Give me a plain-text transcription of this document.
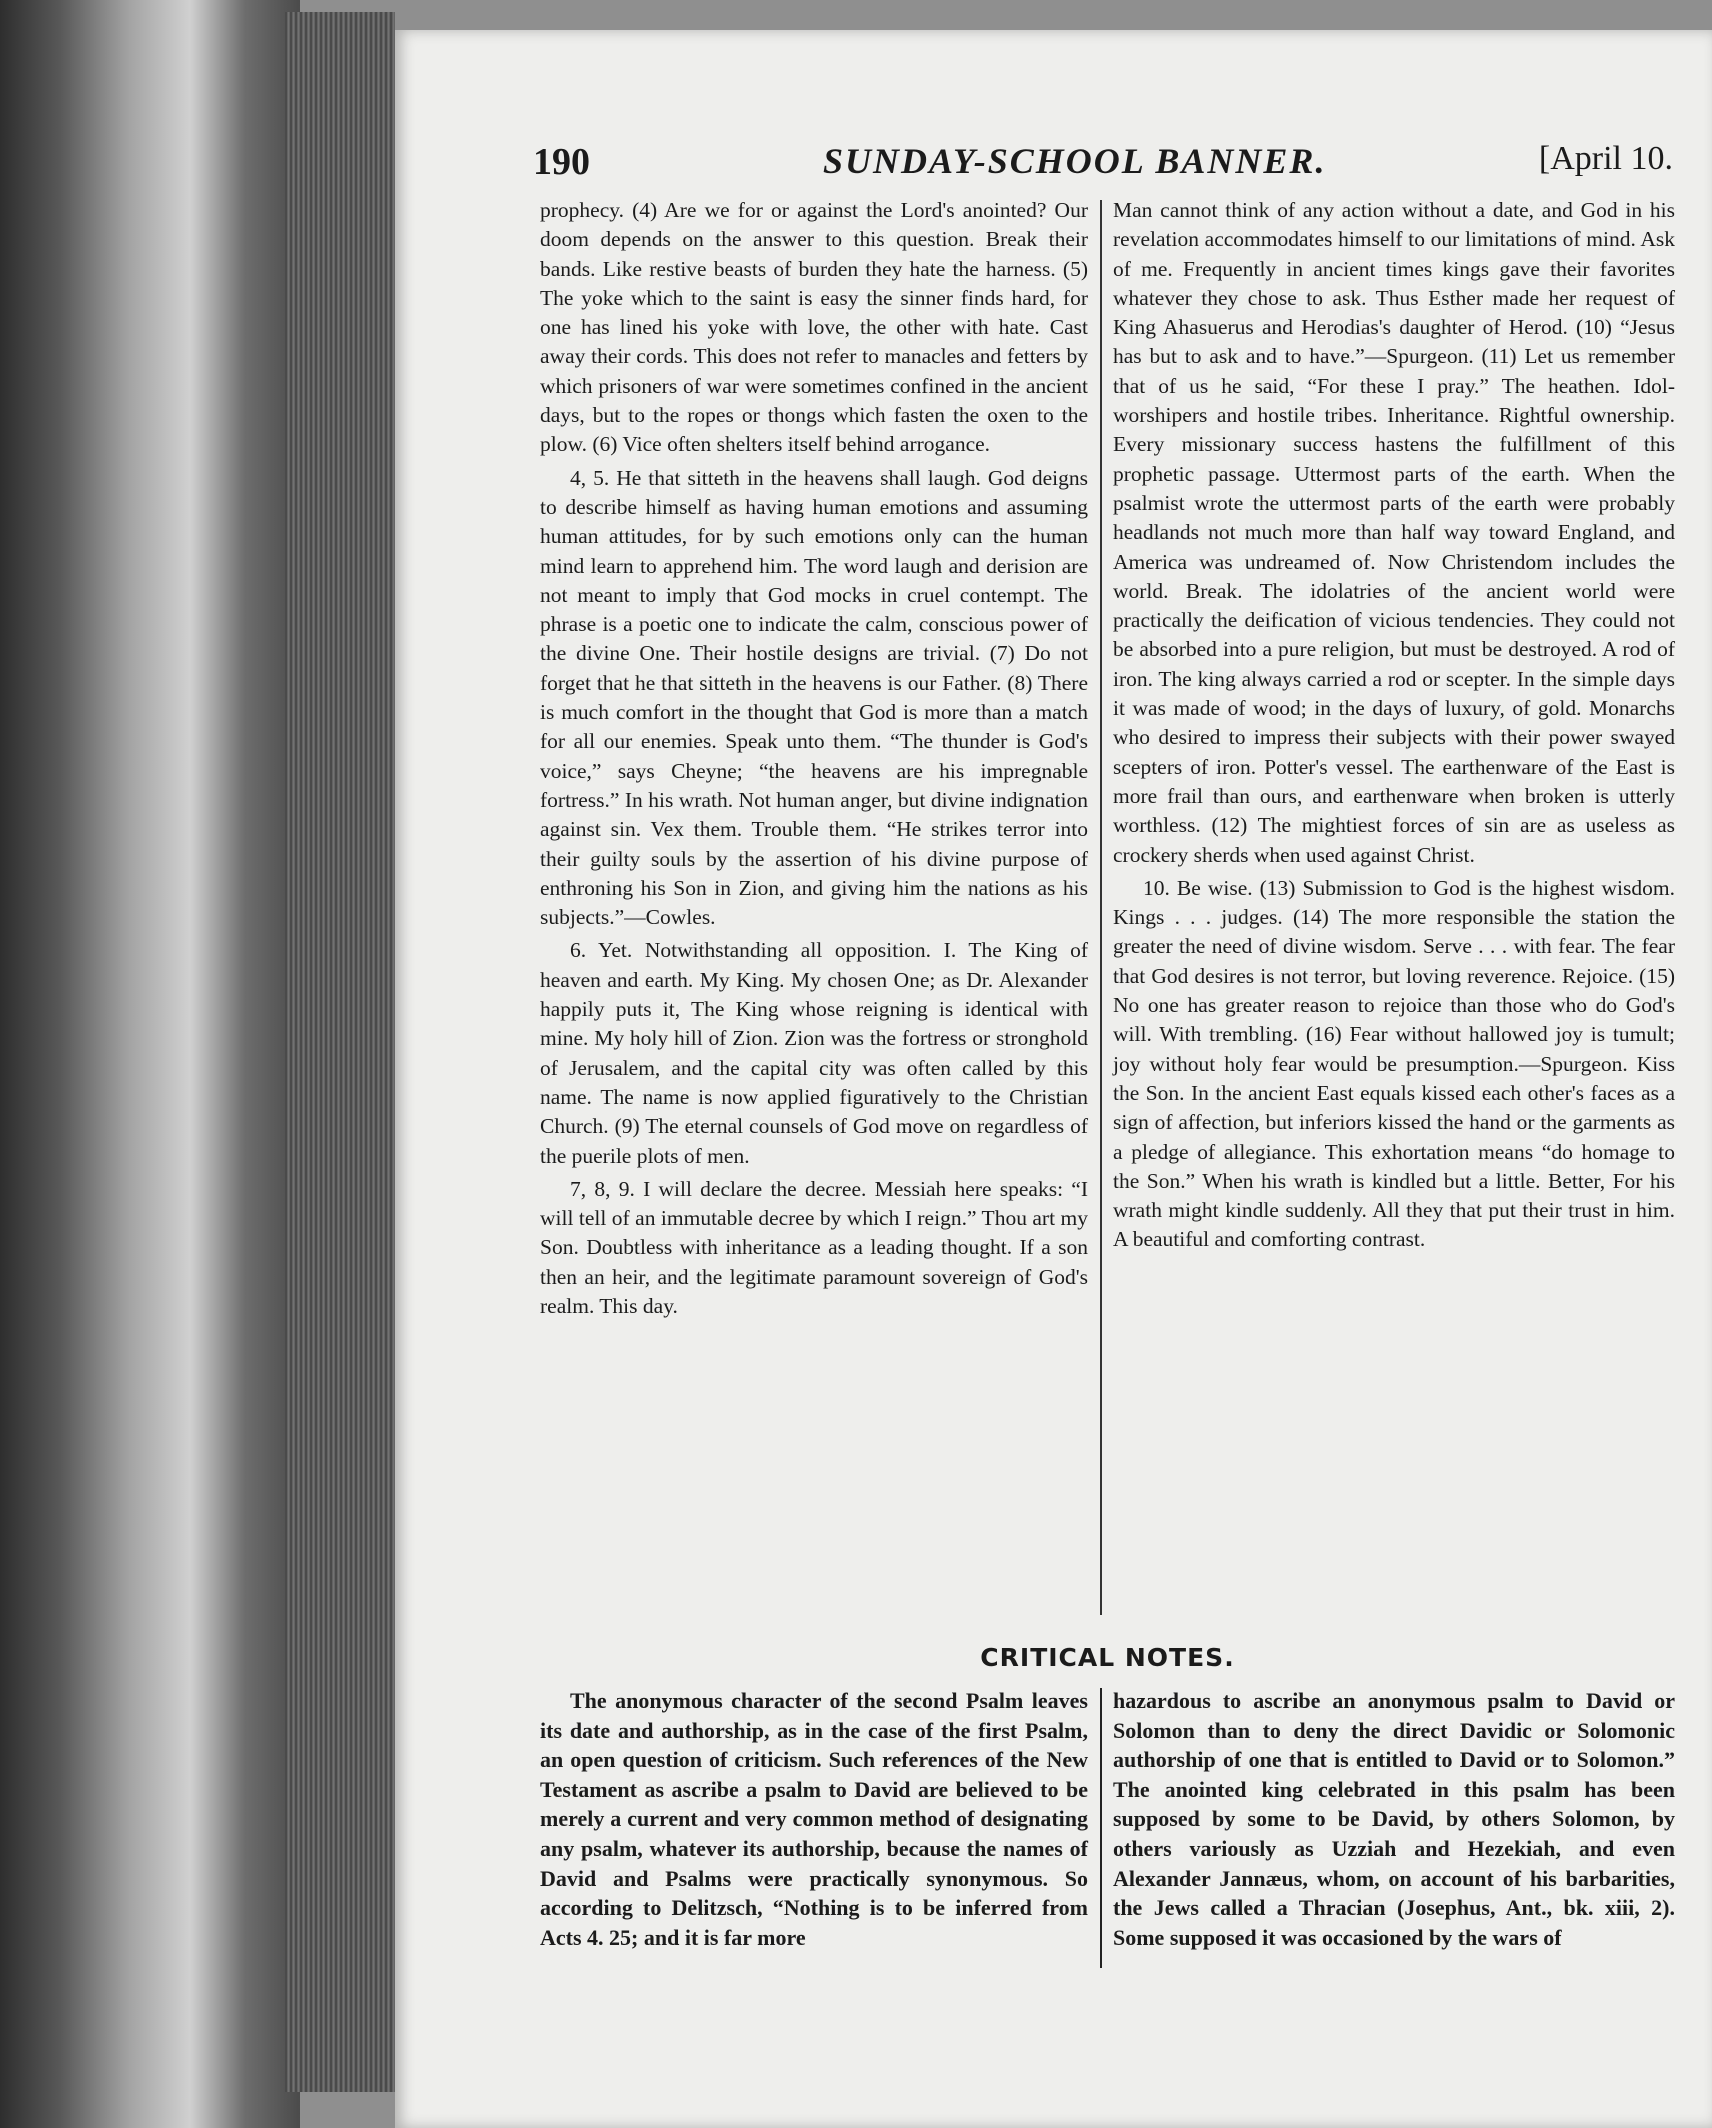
190	SUNDAY-SCHOOL BANNER.	[April 10.

prophecy. (4) Are we for or against the Lord's anointed? Our doom depends on the answer to this question. Break their bands. Like restive beasts of burden they hate the harness. (5) The yoke which to the saint is easy the sinner finds hard, for one has lined his yoke with love, the other with hate. Cast away their cords. This does not refer to manacles and fetters by which prisoners of war were sometimes confined in the ancient days, but to the ropes or thongs which fasten the oxen to the plow. (6) Vice often shelters itself behind arrogance.

4, 5. He that sitteth in the heavens shall laugh. God deigns to describe himself as having human emotions and assuming human attitudes, for by such emotions only can the human mind learn to apprehend him. The word laugh and derision are not meant to imply that God mocks in cruel contempt. The phrase is a poetic one to indicate the calm, conscious power of the divine One. Their hostile designs are trivial. (7) Do not forget that he that sitteth in the heavens is our Father. (8) There is much comfort in the thought that God is more than a match for all our enemies. Speak unto them. “The thunder is God's voice,” says Cheyne; “the heavens are his impregnable fortress.” In his wrath. Not human anger, but divine indignation against sin. Vex them. Trouble them. “He strikes terror into their guilty souls by the assertion of his divine purpose of enthroning his Son in Zion, and giving him the nations as his subjects.”—Cowles.

6. Yet. Notwithstanding all opposition. I. The King of heaven and earth. My King. My chosen One; as Dr. Alexander happily puts it, The King whose reigning is identical with mine. My holy hill of Zion. Zion was the fortress or stronghold of Jerusalem, and the capital city was often called by this name. The name is now applied figuratively to the Christian Church. (9) The eternal counsels of God move on regardless of the puerile plots of men.

7, 8, 9. I will declare the decree. Messiah here speaks: “I will tell of an immutable decree by which I reign.” Thou art my Son. Doubtless with inheritance as a leading thought. If a son then an heir, and the legitimate paramount sovereign of God's realm. This day.

Man cannot think of any action without a date, and God in his revelation accommodates himself to our limitations of mind. Ask of me. Frequently in ancient times kings gave their favorites whatever they chose to ask. Thus Esther made her request of King Ahasuerus and Herodias's daughter of Herod. (10) “Jesus has but to ask and to have.”—Spurgeon. (11) Let us remember that of us he said, “For these I pray.” The heathen. Idol-worshipers and hostile tribes. Inheritance. Rightful ownership. Every missionary success hastens the fulfillment of this prophetic passage. Uttermost parts of the earth. When the psalmist wrote the uttermost parts of the earth were probably headlands not much more than half way toward England, and America was undreamed of. Now Christendom includes the world. Break. The idolatries of the ancient world were practically the deification of vicious tendencies. They could not be absorbed into a pure religion, but must be destroyed. A rod of iron. The king always carried a rod or scepter. In the simple days it was made of wood; in the days of luxury, of gold. Monarchs who desired to impress their subjects with their power swayed scepters of iron. Potter's vessel. The earthenware of the East is more frail than ours, and earthenware when broken is utterly worthless. (12) The mightiest forces of sin are as useless as crockery sherds when used against Christ.

10. Be wise. (13) Submission to God is the highest wisdom. Kings . . . judges. (14) The more responsible the station the greater the need of divine wisdom. Serve . . . with fear. The fear that God desires is not terror, but loving reverence. Rejoice. (15) No one has greater reason to rejoice than those who do God's will. With trembling. (16) Fear without hallowed joy is tumult; joy without holy fear would be presumption.—Spurgeon. Kiss the Son. In the ancient East equals kissed each other's faces as a sign of affection, but inferiors kissed the hand or the garments as a pledge of allegiance. This exhortation means “do homage to the Son.” When his wrath is kindled but a little. Better, For his wrath might kindle suddenly. All they that put their trust in him. A beautiful and comforting contrast.

CRITICAL NOTES.

The anonymous character of the second Psalm leaves its date and authorship, as in the case of the first Psalm, an open question of criticism. Such references of the New Testament as ascribe a psalm to David are believed to be merely a current and very common method of designating any psalm, whatever its authorship, because the names of David and Psalms were practically synonymous. So according to Delitzsch, “Nothing is to be inferred from Acts 4. 25; and it is far more

hazardous to ascribe an anonymous psalm to David or Solomon than to deny the direct Davidic or Solomonic authorship of one that is entitled to David or to Solomon.” The anointed king celebrated in this psalm has been supposed by some to be David, by others Solomon, by others variously as Uzziah and Hezekiah, and even Alexander Jannæus, whom, on account of his barbarities, the Jews called a Thracian (Josephus, Ant., bk. xiii, 2). Some supposed it was occasioned by the wars of
